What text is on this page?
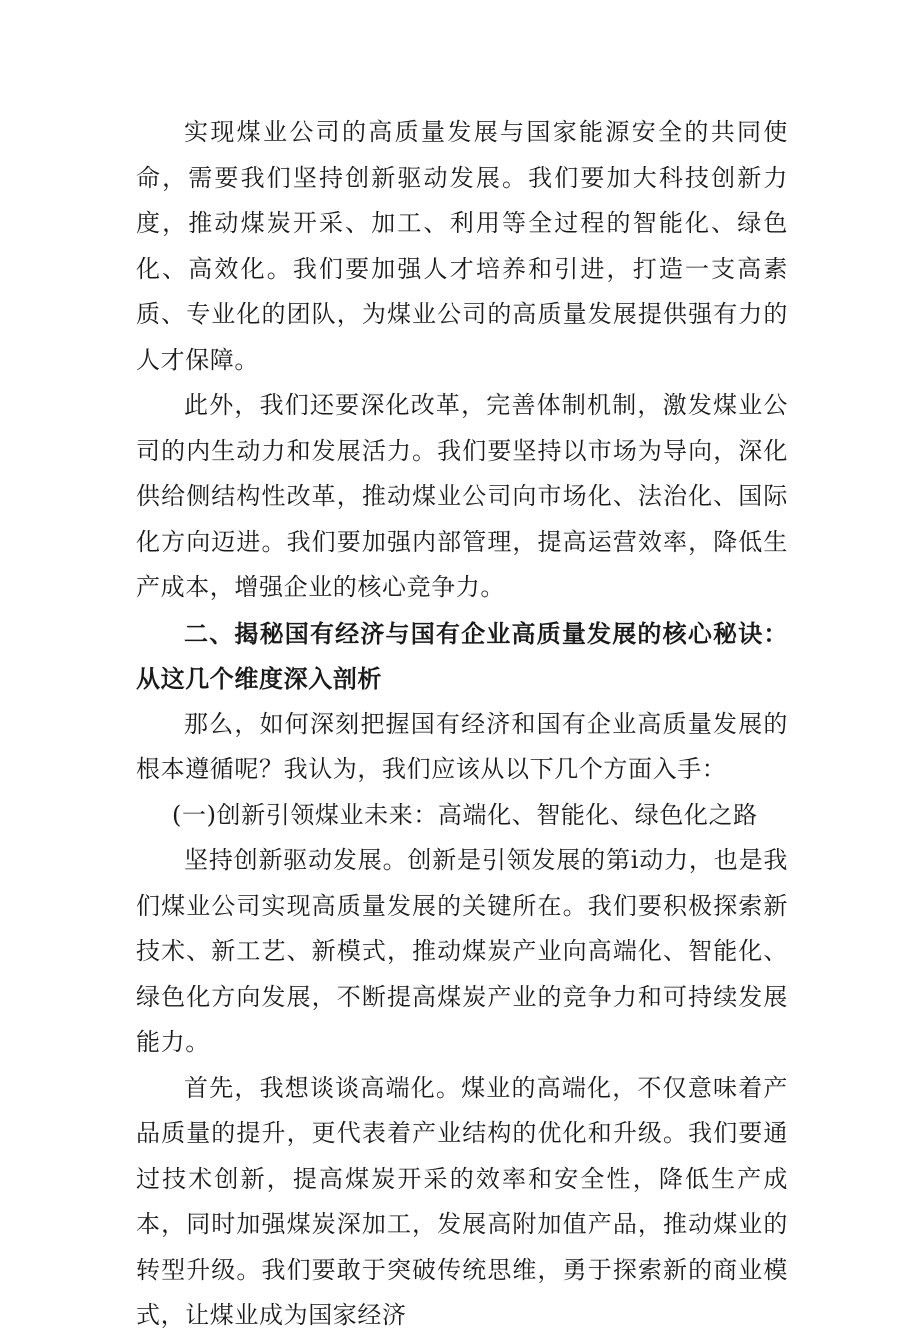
实现煤业公司的高质量发展与国家能源安全的共同使命，需要我们坚持创新驱动发展。我们要加大科技创新力度，推动煤炭开采、加工、利用等全过程的智能化、绿色化、高效化。我们要加强人才培养和引进，打造一支高素质、专业化的团队，为煤业公司的高质量发展提供强有力的人才保障。

此外，我们还要深化改革，完善体制机制，激发煤业公司的内生动力和发展活力。我们要坚持以市场为导向，深化供给侧结构性改革，推动煤业公司向市场化、法治化、国际化方向迈进。我们要加强内部管理，提高运营效率，降低生产成本，增强企业的核心竞争力。

二、揭秘国有经济与国有企业高质量发展的核心秘诀：从这几个维度深入剖析

那么，如何深刻把握国有经济和国有企业高质量发展的根本遵循呢？我认为，我们应该从以下几个方面入手：

(一)创新引领煤业未来：高端化、智能化、绿色化之路

坚持创新驱动发展。创新是引领发展的第i动力，也是我们煤业公司实现高质量发展的关键所在。我们要积极探索新技术、新工艺、新模式，推动煤炭产业向高端化、智能化、绿色化方向发展，不断提高煤炭产业的竞争力和可持续发展能力。

首先，我想谈谈高端化。煤业的高端化，不仅意味着产品质量的提升，更代表着产业结构的优化和升级。我们要通过技术创新，提高煤炭开采的效率和安全性，降低生产成本，同时加强煤炭深加工，发展高附加值产品，推动煤业的转型升级。我们要敢于突破传统思维，勇于探索新的商业模式，让煤业成为国家经济
